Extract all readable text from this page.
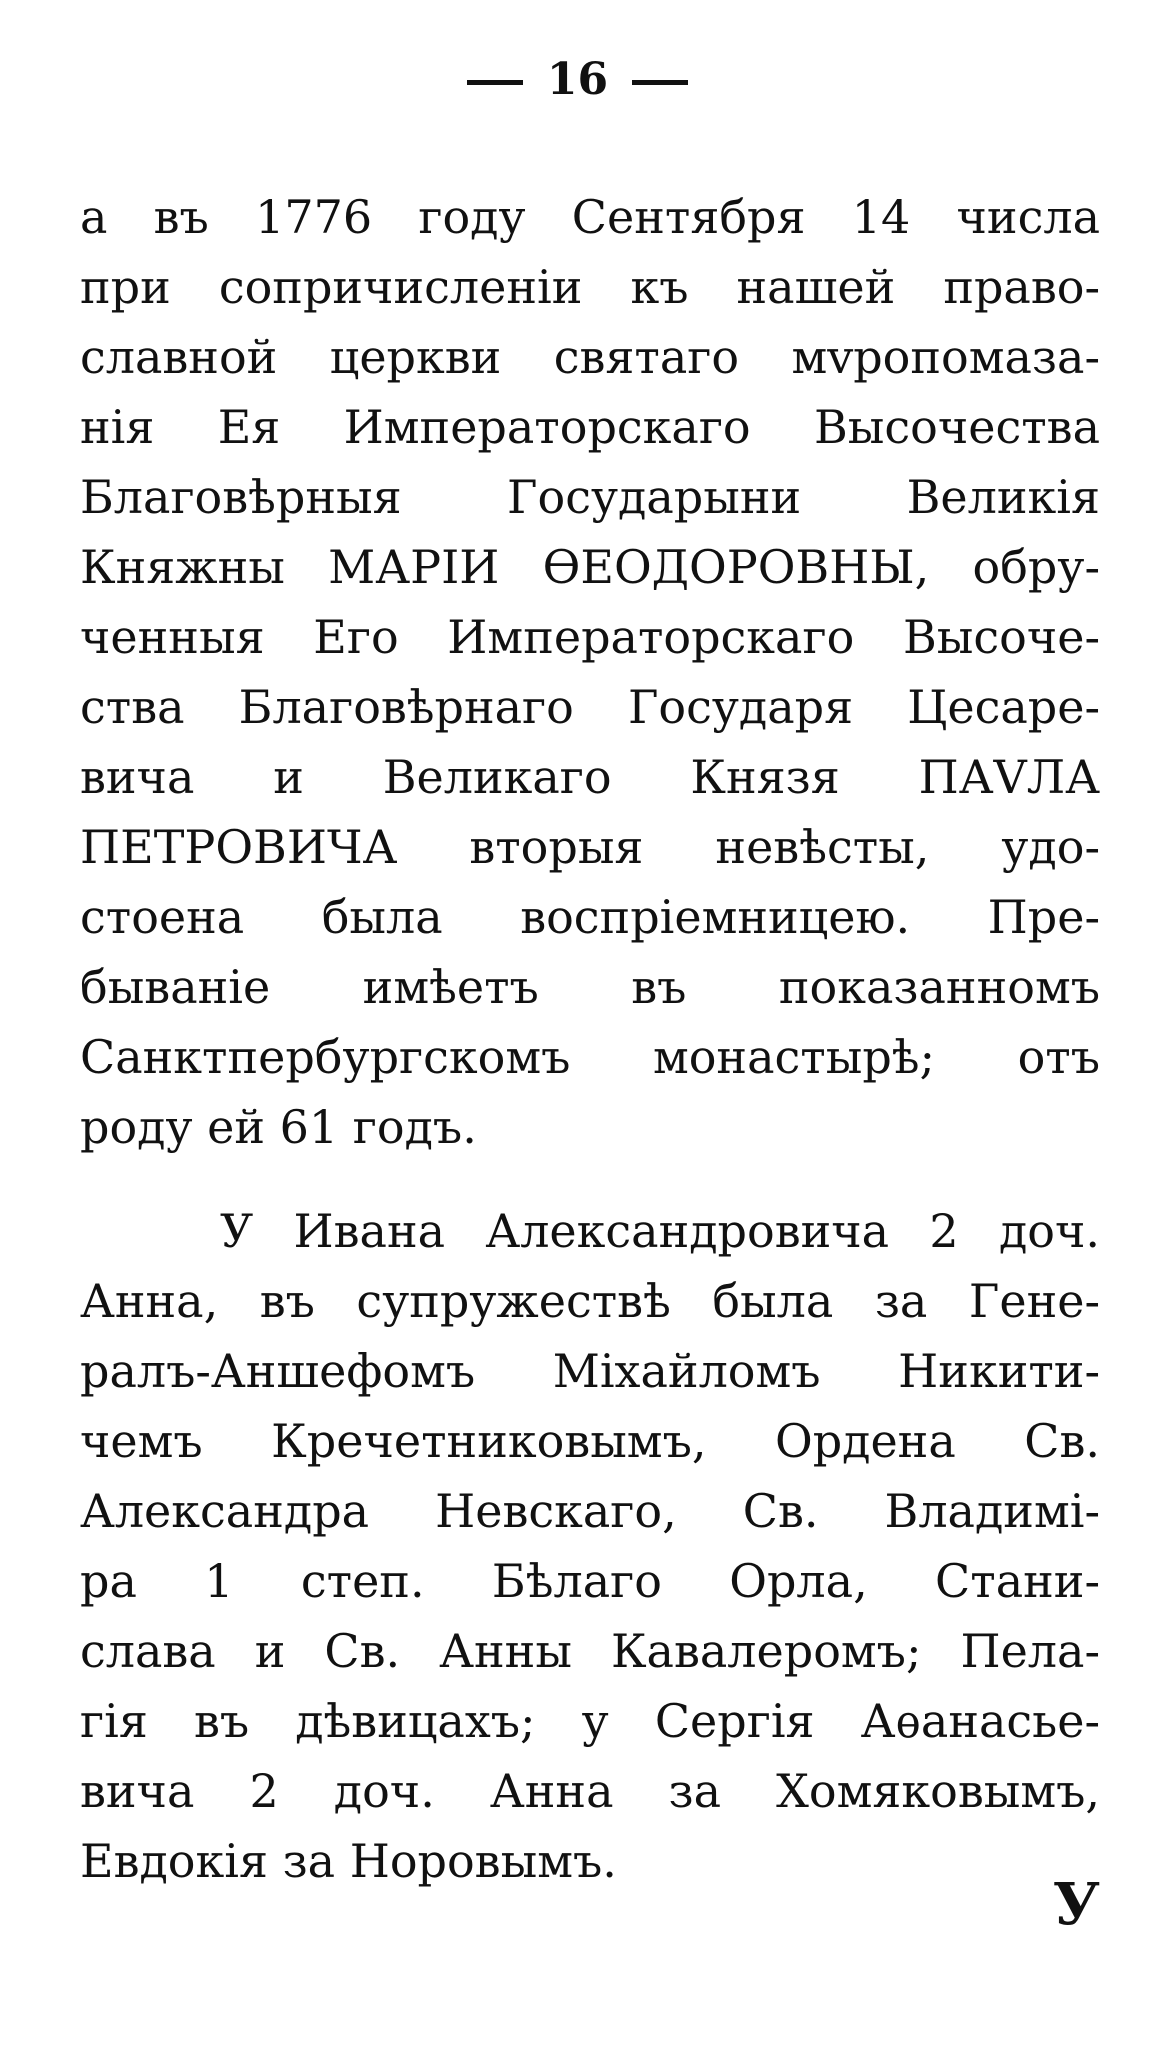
16
а въ 1776 году Сентября 14 числа
при сопричисленiи къ нашей право-
славной церкви святаго мvропомаза-
нiя Ея Императорскаго Высочества
Благовѣрныя Государыни Великiя
Княжны МАРIИ ѲЕОДОРОВНЫ, обру-
ченныя Его Императорскаго Высоче-
ства Благовѣрнаго Государя Цесаре-
вича и Великаго Князя ПАVЛА
ПЕТРОВИЧА вторыя невѣсты, удо-
стоена была воспрiемницею. Пре-
быванiе имѣетъ въ показанномъ
Санктпербургскомъ монастырѣ; отъ
роду ей 61 годъ.
У Ивана Александровича 2 доч.
Анна, въ супружествѣ была за Гене-
ралъ-Аншефомъ Мiхайломъ Никити-
чемъ Кречетниковымъ, Ордена Св.
Александра Невскаго, Св. Владимi-
ра 1 степ. Бѣлаго Орла, Стани-
слава и Св. Анны Кавалеромъ; Пела-
гiя въ дѣвицахъ; у Сергiя Аѳанасье-
вича 2 доч. Анна за Хомяковымъ,
Евдокiя за Норовымъ.
У
